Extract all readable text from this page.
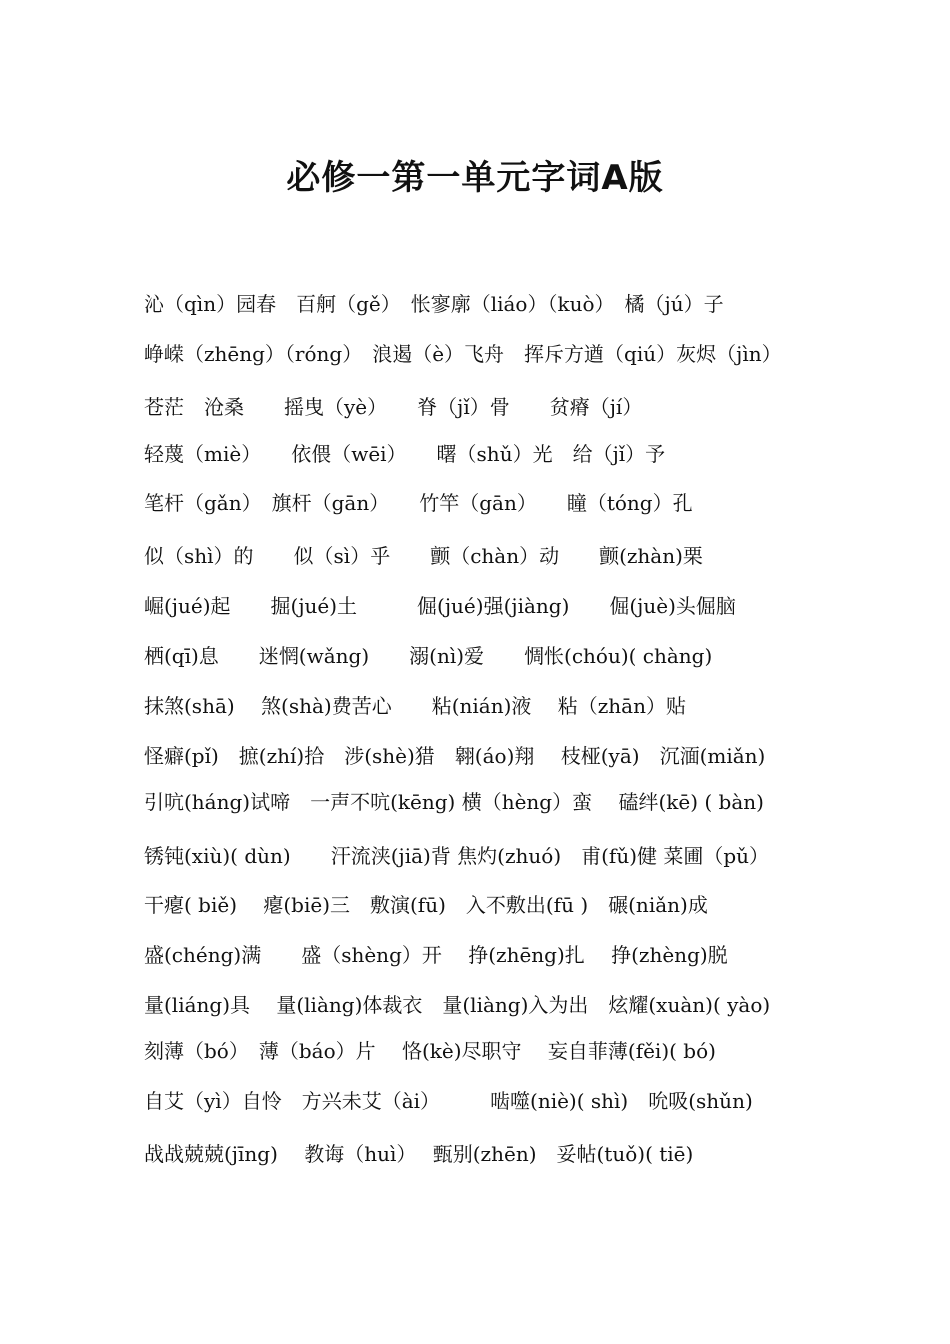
必修一第一单元字词A版
沁（qìn）园春　百舸（gě）　怅寥廓（liáo）（kuò）　橘（jú）子
峥嵘（zhēng）（róng）　浪遏（è）飞舟　挥斥方遒（qiú）灰烬（jìn）
苍茫　沧桑　　摇曳（yè）　　脊（jǐ）骨　　贫瘠（jí）
轻蔑（miè）　　依偎（wēi）　　曙（shǔ）光　给（jǐ）予
笔杆（gǎn）　旗杆（gān）　　竹竿（gān）　　瞳（tóng）孔
似（shì）的　　似（sì）乎　　颤（chàn）动　　颤(zhàn)栗
崛(jué)起　　掘(jué)土　　　倔(jué)强(jiàng)　　倔(juè)头倔脑
栖(qī)息　　迷惘(wǎng)　　溺(nì)爱　　惆怅(chóu)( chàng)
抹煞(shā)　 煞(shà)费苦心　　粘(nián)液　 粘（zhān）贴
怪癖(pǐ)　摭(zhí)拾　涉(shè)猎　翱(áo)翔　 枝桠(yā)　沉湎(miǎn)
引吭(háng)试啼　一声不吭(kēng) 横（hèng）蛮　 磕绊(kē) ( bàn)
锈钝(xiù)( dùn)　　汗流浃(jiā)背 焦灼(zhuó)　甫(fǔ)健 菜圃（pǔ）
干瘪( biě)　 瘪(biē)三　敷演(fū)　入不敷出(fū )　碾(niǎn)成
盛(chéng)满　　盛（shèng）开　 挣(zhēng)扎　 挣(zhèng)脱
量(liáng)具　 量(liàng)体裁衣　量(liàng)入为出　炫耀(xuàn)( yào)
刻薄（bó）　薄（báo）片　 恪(kè)尽职守　 妄自菲薄(fěi)( bó)
自艾（yì）自怜　方兴未艾（ài）　　　啮噬(niè)( shì)　吮吸(shǔn)
战战兢兢(jīng)　 教诲（huì）　 甄别(zhēn)　妥帖(tuǒ)( tiē)
